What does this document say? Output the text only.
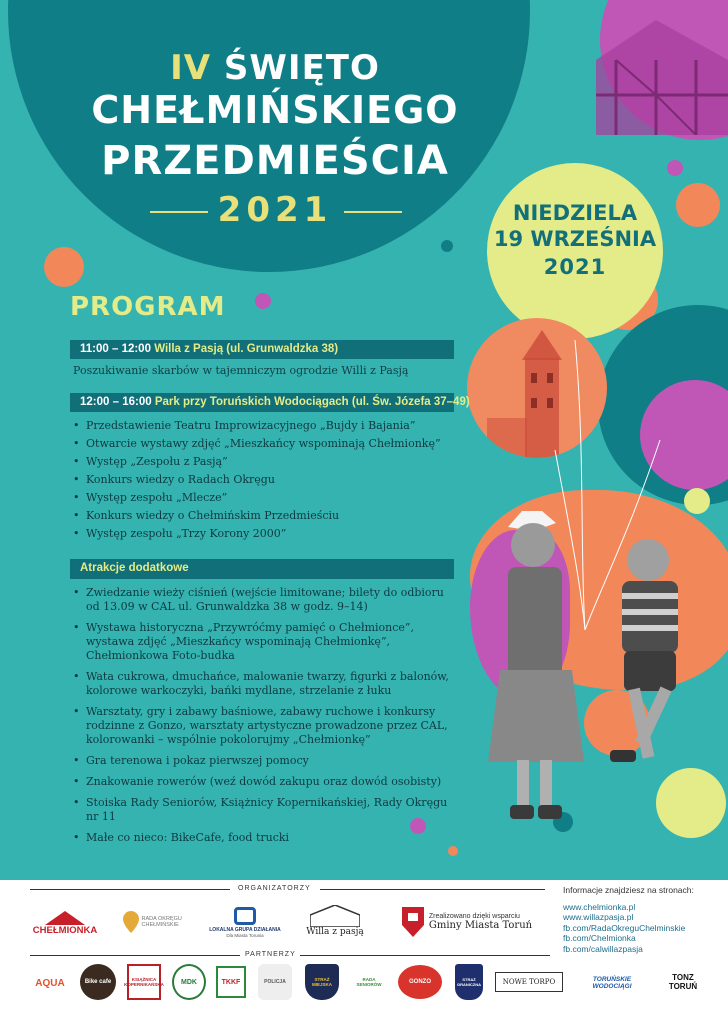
IV ŚWIĘTO
CHEŁMIŃSKIEGO
PRZEDMIEŚCIA
2021	NIEDZIELA
19 WRZEŚNIA
2021
PROGRAM
11:00 – 12:00 Willa z Pasją (ul. Grunwaldzka 38)
Poszukiwanie skarbów w tajemniczym ogrodzie Willi z Pasją
12:00 – 16:00 Park przy Toruńskich Wodociągach (ul. Św. Józefa 37–49)
• Przedstawienie Teatru Improwizacyjnego „Bujdy i Bajania”
• Otwarcie wystawy zdjęć „Mieszkańcy wspominają Chełmionkę”
• Występ „Zespołu z Pasją”
• Konkurs wiedzy o Radach Okręgu
• Występ zespołu „Mlecze”
• Konkurs wiedzy o Chełmińskim Przedmieściu
• Występ zespołu „Trzy Korony 2000”
Atrakcje dodatkowe
• Zwiedzanie wieży ciśnień (wejście limitowane; bilety do odbioru od 13.09 w CAL ul. Grunwaldzka 38 w godz. 9–14)
• Wystawa historyczna „Przywróćmy pamięć o Chełmionce”, wystawa zdjęć „Mieszkańcy wspominają Chełmionkę”, Chełmionkowa Foto-budka
• Wata cukrowa, dmuchańce, malowanie twarzy, figurki z balonów, kolorowe warkoczyki, bańki mydlane, strzelanie z łuku
• Warsztaty, gry i zabawy baśniowe, zabawy ruchowe i konkursy rodzinne z Gonzo, warsztaty artystyczne prowadzone przez CAL, kolorowanki – wspólnie pokolorujmy „Chełmionkę”
• Gra terenowa i pokaz pierwszej pomocy
• Znakowanie rowerów (weź dowód zakupu oraz dowód osobisty)
• Stoiska Rady Seniorów, Książnicy Kopernikańskiej, Rady Okręgu nr 11
• Małe co nieco: BikeCafe, food trucki
ORGANIZATORZY
CHEŁMIONKA
RADA OKRĘGU CHEŁMIŃSKIE
LOKALNA GRUPA DZIAŁANIA
Dla Miasta Torunia	Willa z pasją
Zrealizowano dzięki wsparciu
Gminy Miasta Toruń
PARTNERZY
AQUA	Bike cafe	KSIĄŻNICA KOPERNIKAŃSKA	MDK	TKKF	POLICJA	STRAŻ MIEJSKA
RADA SENIORÓW	GONZO	STRAŻ GRANICZNA	NOWE TORPO	TORUŃSKIE WODOCIĄGI
TONZ TORUŃ
Informacje znajdziesz na stronach:
www.chelmionka.pl
www.willazpasja.pl
fb.com/RadaOkreguChelminskie
fb.com/Chelmionka
fb.com/calwillazpasja
